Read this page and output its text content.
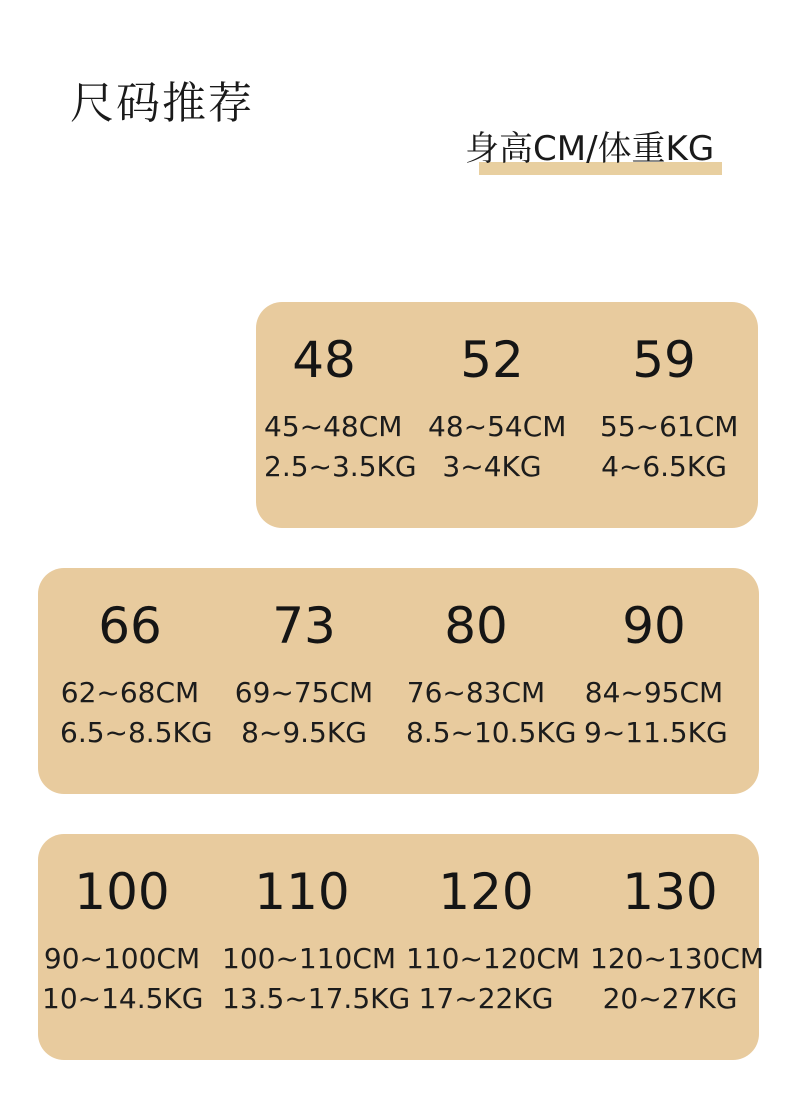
尺码推荐
身高CM/体重KG
48
45~48CM
2.5~3.5KG
52
48~54CM
3~4KG
59
55~61CM
4~6.5KG
66
62~68CM
6.5~8.5KG
73
69~75CM
8~9.5KG
80
76~83CM
8.5~10.5KG
90
84~95CM
9~11.5KG
100
90~100CM
10~14.5KG
110
100~110CM
13.5~17.5KG
120
110~120CM
17~22KG
130
120~130CM
20~27KG
